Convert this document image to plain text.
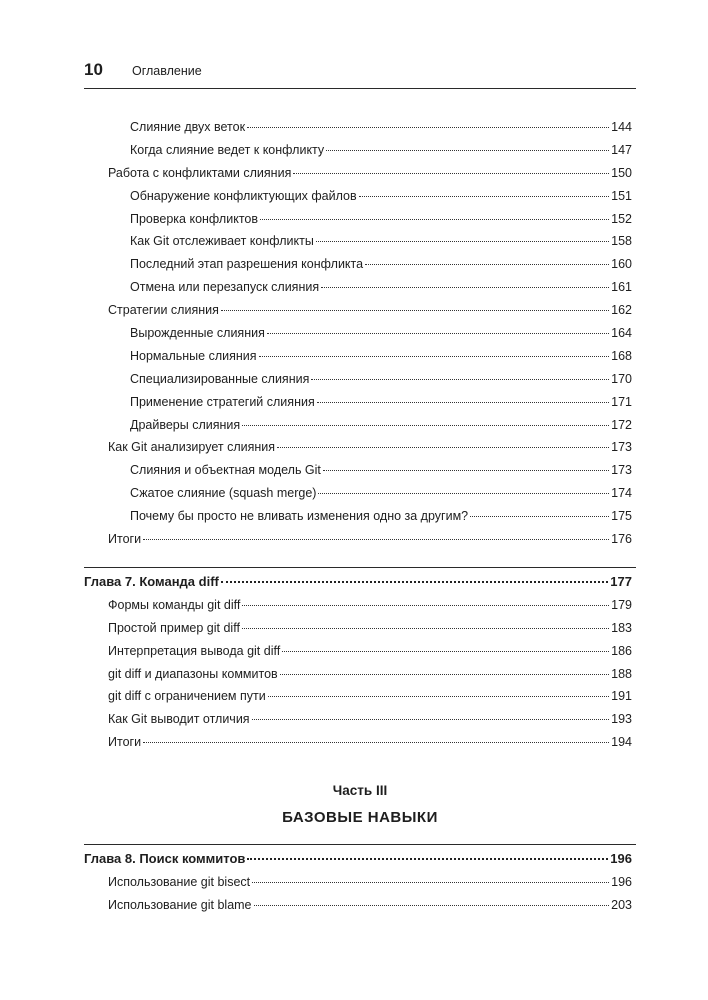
10	Оглавление
Слияние двух веток	144
Когда слияние ведет к конфликту	147
Работа с конфликтами слияния	150
Обнаружение конфликтующих файлов	151
Проверка конфликтов	152
Как Git отслеживает конфликты	158
Последний этап разрешения конфликта	160
Отмена или перезапуск слияния	161
Стратегии слияния	162
Вырожденные слияния	164
Нормальные слияния	168
Специализированные слияния	170
Применение стратегий слияния	171
Драйверы слияния	172
Как Git анализирует слияния	173
Слияния и объектная модель Git	173
Сжатое слияние (squash merge)	174
Почему бы просто не вливать изменения одно за другим?	175
Итоги	176
Глава 7. Команда diff	177
Формы команды git diff	179
Простой пример git diff	183
Интерпретация вывода git diff	186
git diff и диапазоны коммитов	188
git diff с ограничением пути	191
Как Git выводит отличия	193
Итоги	194
Часть III
БАЗОВЫЕ НАВЫКИ
Глава 8. Поиск коммитов	196
Использование git bisect	196
Использование git blame	203
